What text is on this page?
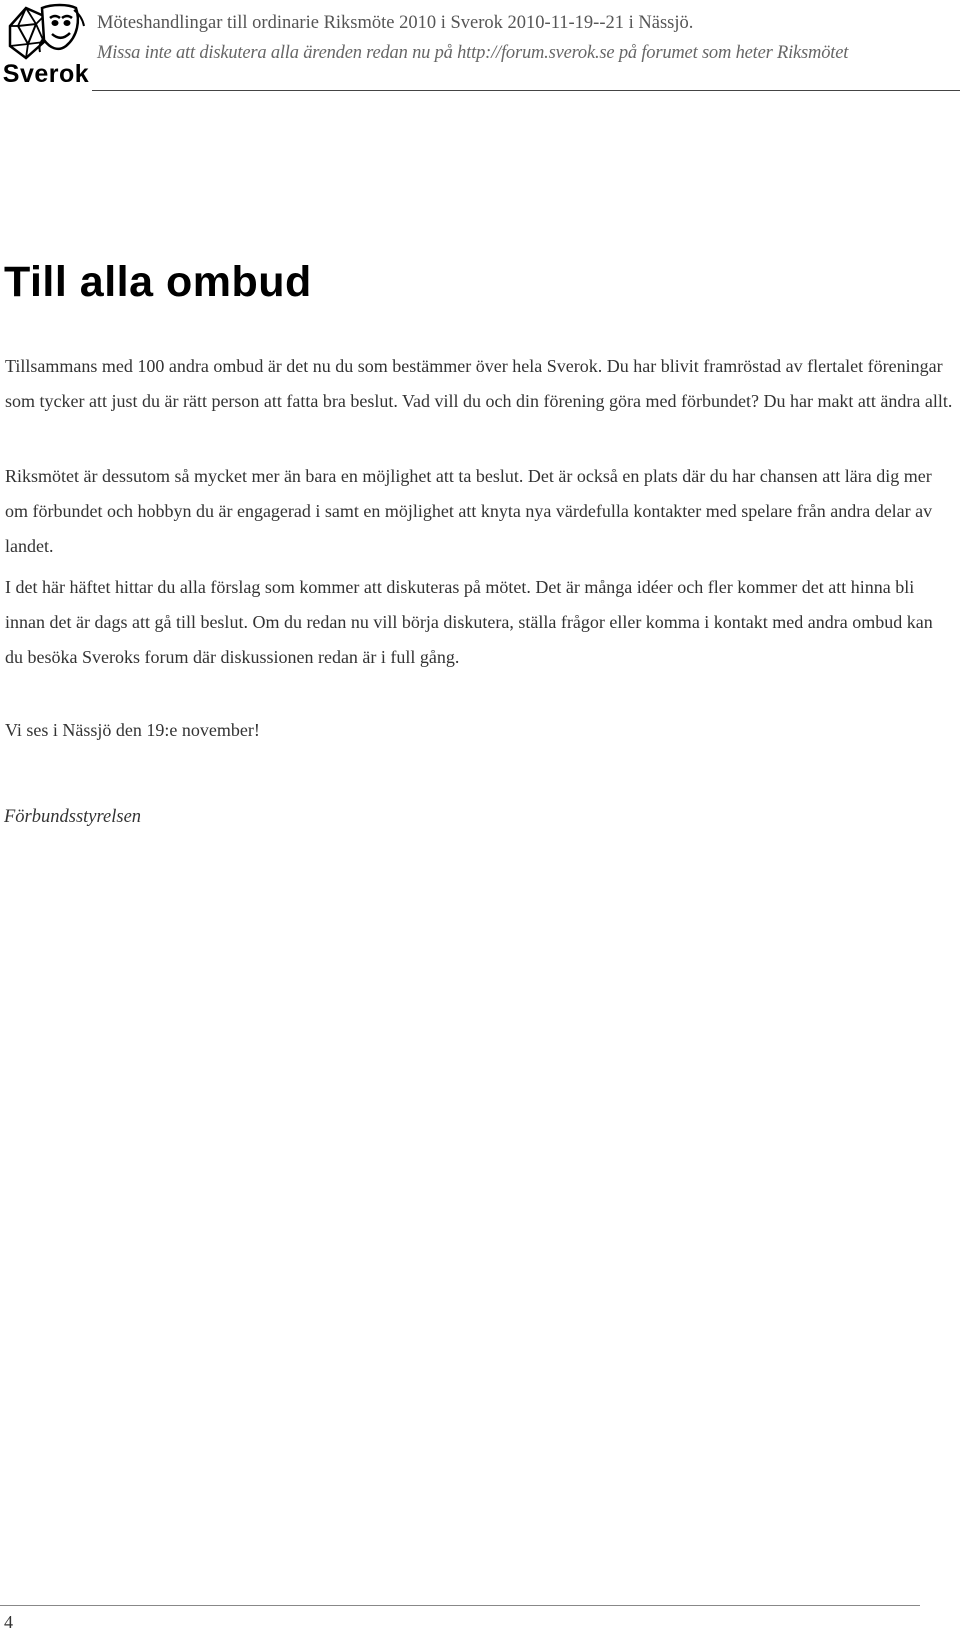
Sverok
Möteshandlingar till ordinarie Riksmöte 2010 i Sverok 2010-11-19--21 i Nässjö.
Missa inte att diskutera alla ärenden redan nu på http://forum.sverok.se på forumet som heter Riksmötet
Till alla ombud

Tillsammans med 100 andra ombud är det nu du som bestämmer över hela Sverok. Du har blivit framröstad av flertalet föreningar som tycker att just du är rätt person att fatta bra beslut. Vad vill du och din förening göra med förbundet? Du har makt att ändra allt.

Riksmötet är dessutom så mycket mer än bara en möjlighet att ta beslut. Det är också en plats där du har chansen att lära dig mer om förbundet och hobbyn du är engagerad i samt en möjlighet att knyta nya värdefulla kontakter med spelare från andra delar av landet.

I det här häftet hittar du alla förslag som kommer att diskuteras på mötet. Det är många idéer och fler kommer det att hinna bli innan det är dags att gå till beslut. Om du redan nu vill börja diskutera, ställa frågor eller komma i kontakt med andra ombud kan du besöka Sveroks forum där diskussionen redan är i full gång.

Vi ses i Nässjö den 19:e november!

Förbundsstyrelsen

4
